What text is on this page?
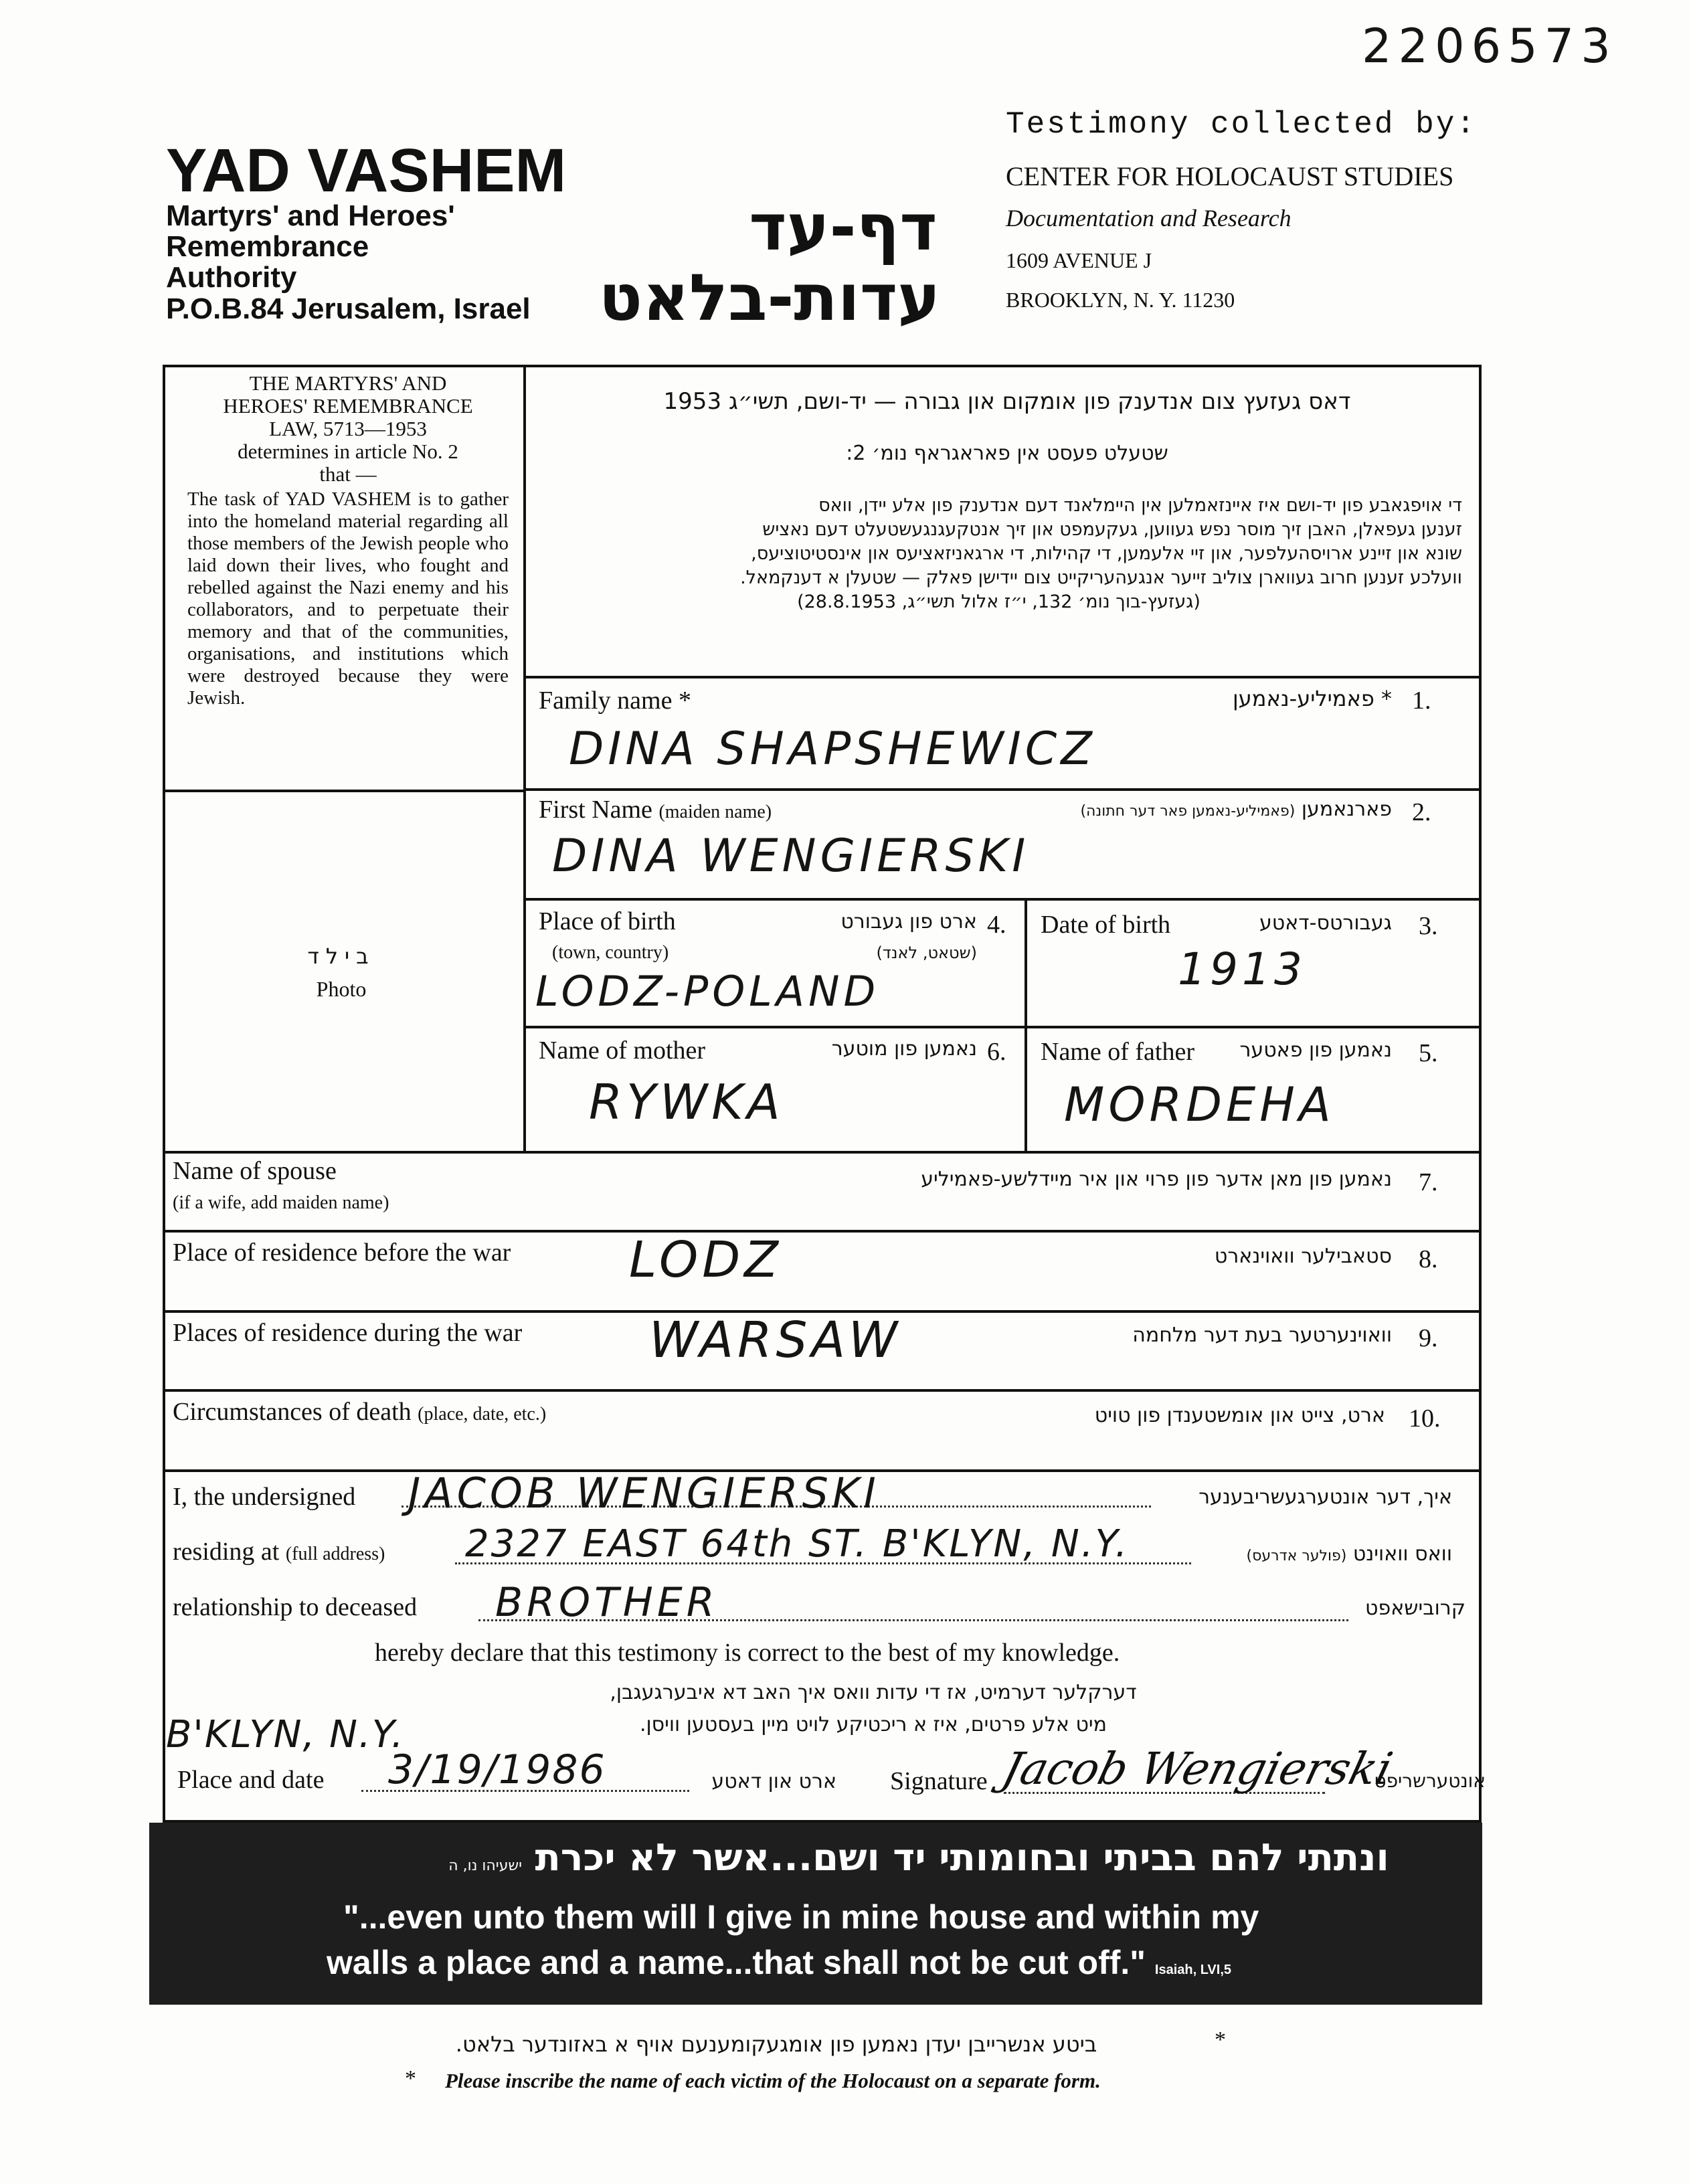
2206573
YAD VASHEM
Martyrs' and Heroes'
Remembrance
Authority
P.O.B.84 Jerusalem, Israel
דף-עד
עדות-בלאט
Testimony collected by:
CENTER FOR HOLOCAUST STUDIES
Documentation and Research
1609 AVENUE J
BROOKLYN, N. Y. 11230
THE MARTYRS' AND
HEROES' REMEMBRANCE
LAW, 5713—1953
determines in article No. 2
that —
The task of YAD VASHEM is to gather into the homeland material regarding all those members of the Jewish people who laid down their lives, who fought and rebelled against the Nazi enemy and his collaborators, and to perpetuate their memory and that of the communities, organisations, and institutions which were destroyed because they were Jewish.
בילד
Photo
דאס געזעץ צום אנדענק פון אומקום און גבורה — יד-ושם, תשי״ג 1953
שטעלט פעסט אין פאראגראף נומ׳ 2:
די אויפגאבע פון יד-ושם איז איינזאמלען אין היימלאנד דעם אנדענק פון אלע יידן, וואס
זענען געפאלן, האבן זיך מוסר נפש געווען, געקעמפט און זיך אנטקעגנגעשטעלט דעם נאציש
שונא און זיינע ארויסהעלפער, און זיי אלעמען, די קהילות, די ארגאניזאציעס און אינסטיטוציעס,
וועלכע זענען חרוב געווארן צוליב זייער אנגעהעריקייט צום יידישן פאלק — שטעלן א דענקמאל.
(געזעץ-בוך נומ׳ 132, י״ז אלול תשי״ג, 28.8.1953)
Family name *	* פאמיליע-נאמען 1.
DINA SHAPSHEWICZ
First Name (maiden name)	פארנאמען (פאמיליע-נאמען פאר דער חתונה)	2.
DINA WENGIERSKI
Place of birth
(town, country)
ארט פון געבורט
(שטאט, לאנד)
4.
LODZ-POLAND
Date of birth	געבורטס-דאטע 3.
1913
Name of mother	נאמען פון מוטער 6.
RYWKA
Name of father	נאמען פון פאטער 5.
MORDEHA
Name of spouse
(if a wife, add maiden name)
נאמען פון מאן אדער פון פרוי און איר מיידלשע-פאמיליע 7.
Place of residence before the war LODZ	סטאבילער וואוינארט 8.
Places of residence during the war	WARSAW	וואוינערטער בעת דער מלחמה 9.
Circumstances of death (place, date, etc.)	ארט, צייט און אומשטענדן פון טויט 10.
I, the undersigned JACOB WENGIERSKI	איך, דער אונטערגעשריבענער
residing at (full address) 2327 EAST 64th ST. B'KLYN, N.Y.	וואס וואוינט (פולער אדרעס)
relationship to deceased BROTHER	קרובישאפט
hereby declare that this testimony is correct to the best of my knowledge.
דערקלער דערמיט, אז די עדות וואס איך האב דא איבערגעגבן,
מיט אלע פרטים, איז א ריכטיקע לויט מיין בעסטען וויסן.
B'KLYN, N.Y.
Place and date 3/19/1986	ארט און דאטע Signature Jacob Wengierski
אונטערשריפט
ונתתי להם בביתי ובחומותי יד ושם...אשר לא יכרת ישעיהו נו, ה
"...even unto them will I give in mine house and within my
walls a place and a name...that shall not be cut off." Isaiah, LVI,5
ביטע אנשרייבן יעדן נאמען פון אומגעקומענעם אויף א באזונדער בלאט.	*
* Please inscribe the name of each victim of the Holocaust on a separate form.
